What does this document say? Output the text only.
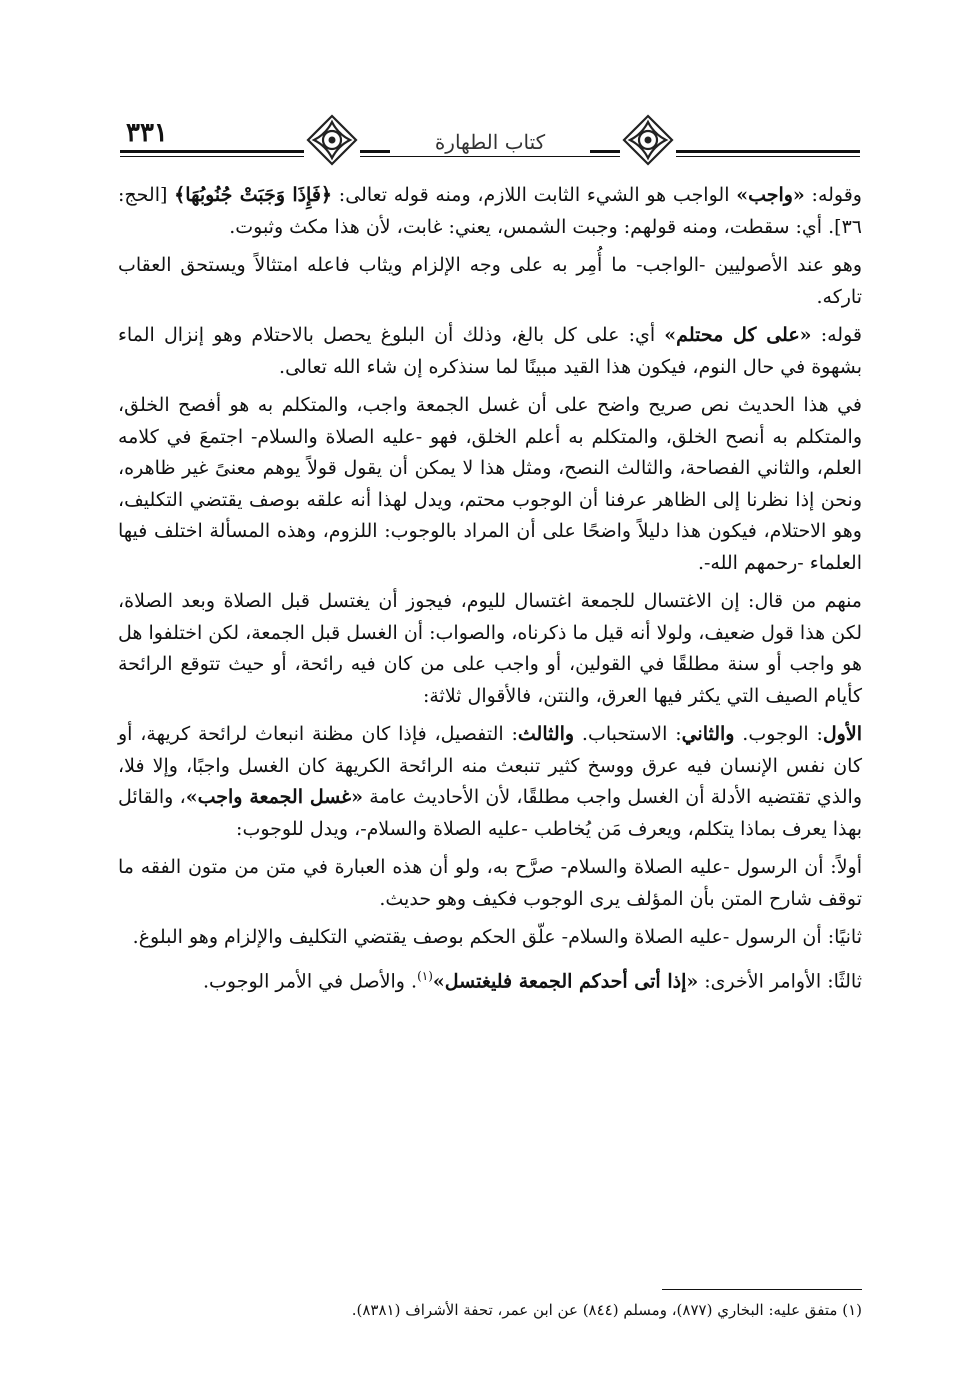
٣٣١	كتاب الطهارة

وقوله: «واجب» الواجب هو الشيء الثابت اللازم، ومنه قوله تعالى: ﴿فَإِذَا وَجَبَتْ جُنُوبُهَا﴾ [الحج: ٣٦]. أي: سقطت، ومنه قولهم: وجبت الشمس، يعني: غابت، لأن هذا مكث وثبوت.

وهو عند الأصوليين -الواجب- ما أُمِر به على وجه الإلزام ويثاب فاعله امتثالاً ويستحق العقاب تاركه.

قوله: «على كل محتلم» أي: على كل بالغ، وذلك أن البلوغ يحصل بالاحتلام وهو إنزال الماء بشهوة في حال النوم، فيكون هذا القيد مبينًا لما سنذكره إن شاء الله تعالى.

في هذا الحديث نص صريح واضح على أن غسل الجمعة واجب، والمتكلم به هو أفصح الخلق، والمتكلم به أنصح الخلق، والمتكلم به أعلم الخلق، فهو -عليه الصلاة والسلام- اجتمعَ في كلامه العلم، والثاني الفصاحة، والثالث النصح، ومثل هذا لا يمكن أن يقول قولاً يوهم معنىً غير ظاهره، ونحن إذا نظرنا إلى الظاهر عرفنا أن الوجوب محتم، ويدل لهذا أنه علقه بوصف يقتضي التكليف، وهو الاحتلام، فيكون هذا دليلاً واضحًا على أن المراد بالوجوب: اللزوم، وهذه المسألة اختلف فيها العلماء -رحمهم الله-.

منهم من قال: إن الاغتسال للجمعة اغتسال لليوم، فيجوز أن يغتسل قبل الصلاة وبعد الصلاة، لكن هذا قول ضعيف، ولولا أنه قيل ما ذكرناه، والصواب: أن الغسل قبل الجمعة، لكن اختلفوا هل هو واجب أو سنة مطلقًا في القولين، أو واجب على من كان فيه رائحة، أو حيث تتوقع الرائحة كأيام الصيف التي يكثر فيها العرق، والنتن، فالأقوال ثلاثة:

الأول: الوجوب. والثاني: الاستحباب. والثالث: التفصيل، فإذا كان مظنة انبعاث لرائحة كريهة، أو كان نفس الإنسان فيه عرق ووسخ كثير تنبعث منه الرائحة الكريهة كان الغسل واجبًا، وإلا فلا، والذي تقتضيه الأدلة أن الغسل واجب مطلقًا، لأن الأحاديث عامة «غسل الجمعة واجب»، والقائل بهذا يعرف بماذا يتكلم، ويعرف مَن يُخاطب -عليه الصلاة والسلام-، ويدل للوجوب:

أولاً: أن الرسول -عليه الصلاة والسلام- صرَّح به، ولو أن هذه العبارة في متن من متون الفقه ما توقف شارح المتن بأن المؤلف يرى الوجوب فكيف وهو حديث.

ثانيًا: أن الرسول -عليه الصلاة والسلام- علّق الحكم بوصف يقتضي التكليف والإلزام وهو البلوغ.

ثالثًا: الأوامر الأخرى: «إذا أتى أحدكم الجمعة فليغتسل»$^{(١)}$. والأصل في الأمر الوجوب.

(١) متفق عليه: البخاري (٨٧٧)، ومسلم (٨٤٤) عن ابن عمر، تحفة الأشراف (٨٣٨١).
